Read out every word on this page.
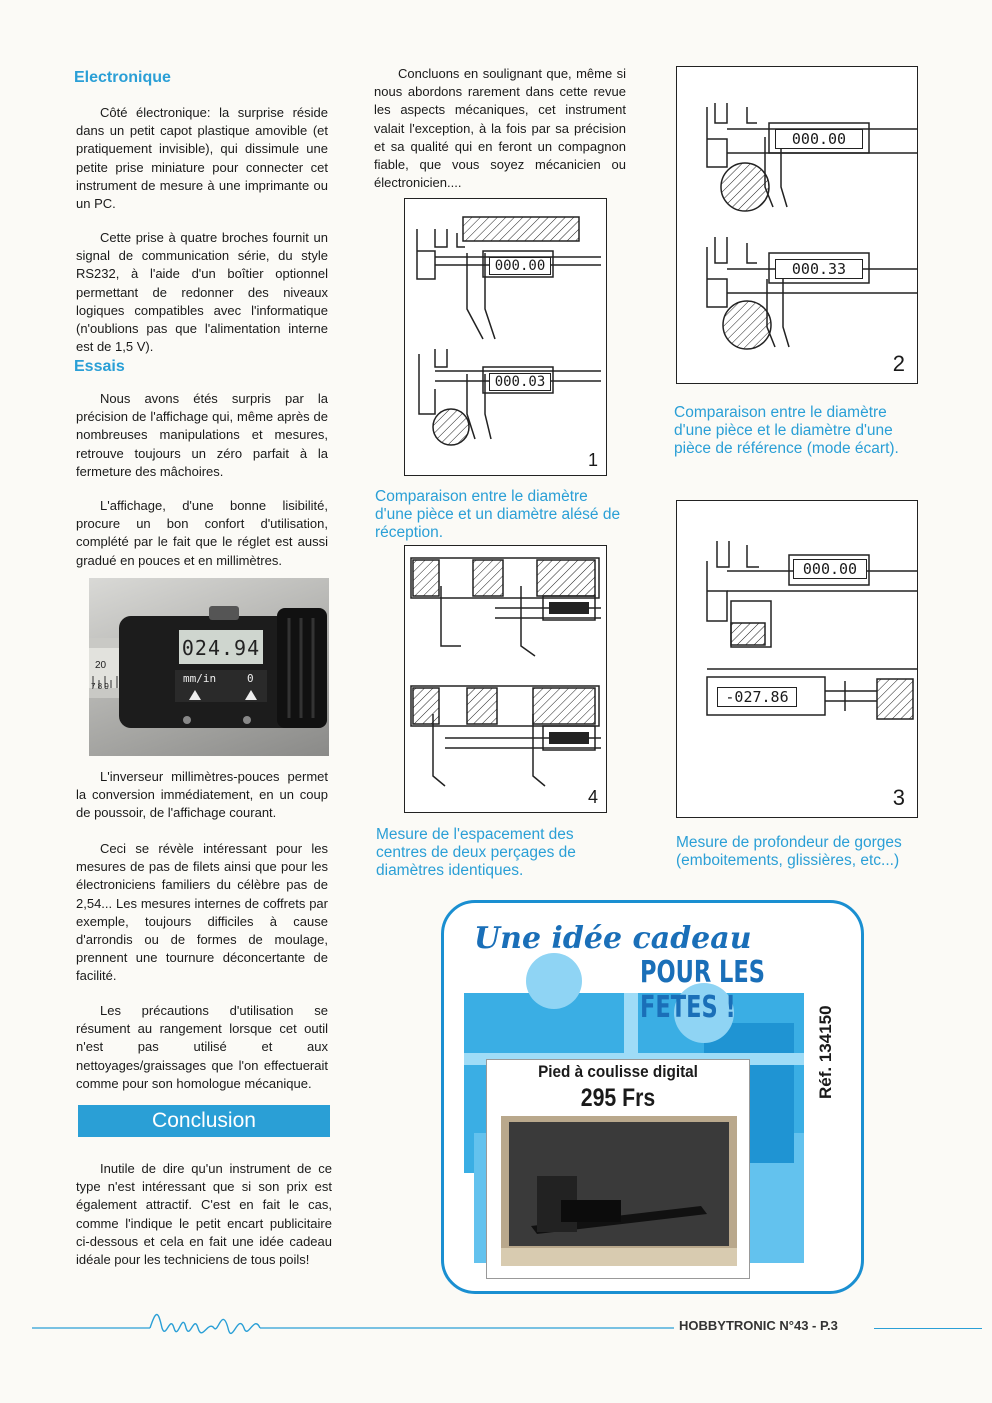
Electronique

Côté électronique: la surprise réside dans un petit capot plastique amovible (et pratiquement invisible), qui dissimule une petite prise miniature pour connecter cet instrument de mesure à une imprimante ou un PC.

Cette prise à quatre broches fournit un signal de communication série, du style RS232, à l'aide d'un boîtier optionnel permettant de redonner des niveaux logiques compatibles avec l'informatique (n'oublions pas que l'alimentation interne est de 1,5 V).

Essais

Nous avons étés surpris par la précision de l'affichage qui, même après de nombreuses manipulations et mesures, retrouve toujours un zéro parfait à la fermeture des mâchoires.

L'affichage, d'une bonne lisibilité, procure un bon confort d'utilisation, complété par le fait que le réglet est aussi gradué en pouces et en millimètres.

024.94
mm/in	0
20
7 8 9

L'inverseur millimètres-pouces permet la conversion immédiatement, en un coup de poussoir, de l'affichage courant.

Ceci se révèle intéressant pour les mesures de pas de filets ainsi que pour les électroniciens familiers du célèbre pas de 2,54... Les mesures internes de coffrets par exemple, toujours difficiles à cause d'arrondis ou de formes de moulage, prennent une tournure déconcertante de facilité.

Les précautions d'utilisation se résument au rangement lorsque cet outil n'est pas utilisé et aux nettoyages/graissages que l'on effectuerait comme pour son homologue mécanique.

Conclusion

Inutile de dire qu'un instrument de ce type n'est intéressant que si son prix est également attractif. C'est en fait le cas, comme l'indique le petit encart publicitaire ci-dessous et cela en fait une idée cadeau idéale pour les techniciens de tous poils!

Concluons en soulignant que, même si nous abordons rarement dans cette revue les aspects mécaniques, cet instrument valait l'exception, à la fois par sa précision et sa qualité qui en feront un compagnon fiable, que vous soyez mécanicien ou électronicien....

000.00
000.03
1
Comparaison entre le diamètre d'une pièce et un diamètre alésé de réception.
4
Mesure de l'espacement des centres de deux perçages de diamètres identiques.
000.00
000.33
2
Comparaison entre le diamètre d'une pièce et le diamètre d'une pièce de référence (mode écart).
000.00
-027.86
3
Mesure de profondeur de gorges (emboitements, glissières, etc...)
Une idée cadeau
POUR LES FETES !	Réf. 134150
Pied à coulisse digital
295 Frs
HOBBYTRONIC N°43 - P.3
